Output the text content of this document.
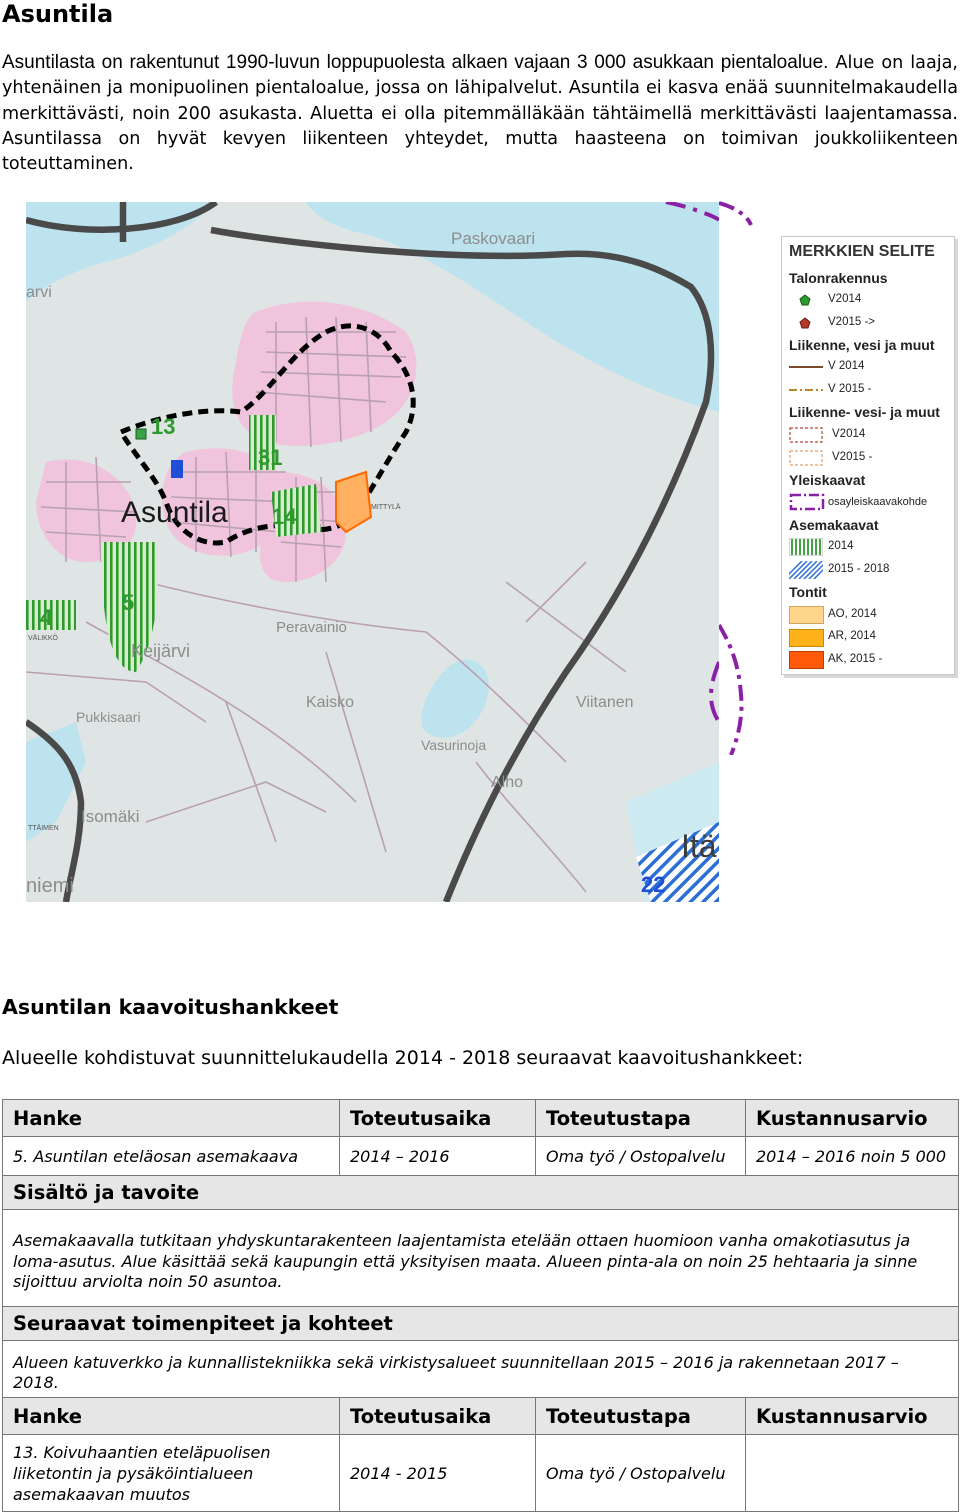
Asuntila
Asuntilasta on rakentunut 1990-luvun loppupuolesta alkaen vajaan 3 000 asukkaan pientaloalue. Alue on laaja, yhtenäinen ja monipuolinen pientaloalue, jossa on lähipalvelut. Asuntila ei kasva enää suunnitelmakaudella merkittävästi, noin 200 asukasta. Aluetta ei olla pitemmälläkään tähtäimellä merkittävästi laajentamassa. Asuntilassa on hyvät kevyen liikenteen yhteydet, mutta haasteena on toimivan joukkoliikenteen toteuttaminen.
Asuntila
Paskovaari
Peravainio
Keijärvi
Kaisko	Viitanen
Pukkisaari
Isomäki
Alho
Vasurinoja
Itä
niemi
arvi
MITTYLÄ
TTÄIMEN
VÄLIKKÖ
13
31
14
5
4
22
MERKKIEN SELITE
Talonrakennus
V2014
V2015 ->
Liikenne, vesi ja muut
V 2014
V 2015 -
Liikenne- vesi- ja muut
V2014
V2015 -
Yleiskaavat
osayleiskaavakohde
Asemakaavat
2014
2015 - 2018
Tontit
AO, 2014
AR, 2014
AK, 2015 -
Asuntilan kaavoitushankkeet
Alueelle kohdistuvat suunnittelukaudella 2014 - 2018 seuraavat kaavoitushankkeet:
Hanke	Toteutusaika	Toteutustapa	Kustannusarvio
5. Asuntilan eteläosan asemakaava	2014 – 2016	Oma työ / Ostopalvelu	2014 – 2016 noin 5 000
Sisältö ja tavoite			
Asemakaavalla tutkitaan yhdyskuntarakenteen laajentamista etelään ottaen huomioon vanha omakotiasutus ja loma-asutus. Alue käsittää sekä kaupungin että yksityisen maata. Alueen pinta-ala on noin 25 hehtaaria ja sinne sijoittuu arviolta noin 50 asuntoa.			
Seuraavat toimenpiteet ja kohteet			
Alueen katuverkko ja kunnallistekniikka sekä virkistysalueet suunnitellaan 2015 – 2016 ja rakennetaan 2017 – 2018.			
Hanke	Toteutusaika	Toteutustapa	Kustannusarvio
13. Koivuhaantien eteläpuolisen liiketontin ja pysäköintialueen asemakaavan muutos	2014 - 2015	Oma työ / Ostopalvelu	
